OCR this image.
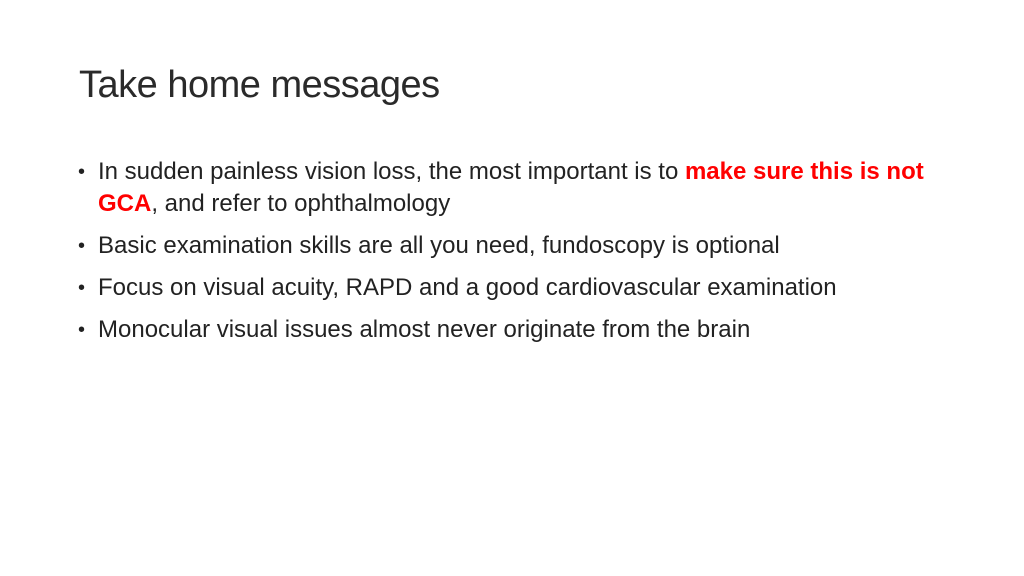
Take home messages
• In sudden painless vision loss, the most important is to make sure this is not GCA, and refer to ophthalmology
• Basic examination skills are all you need, fundoscopy is optional
• Focus on visual acuity, RAPD and a good cardiovascular examination
• Monocular visual issues almost never originate from the brain
